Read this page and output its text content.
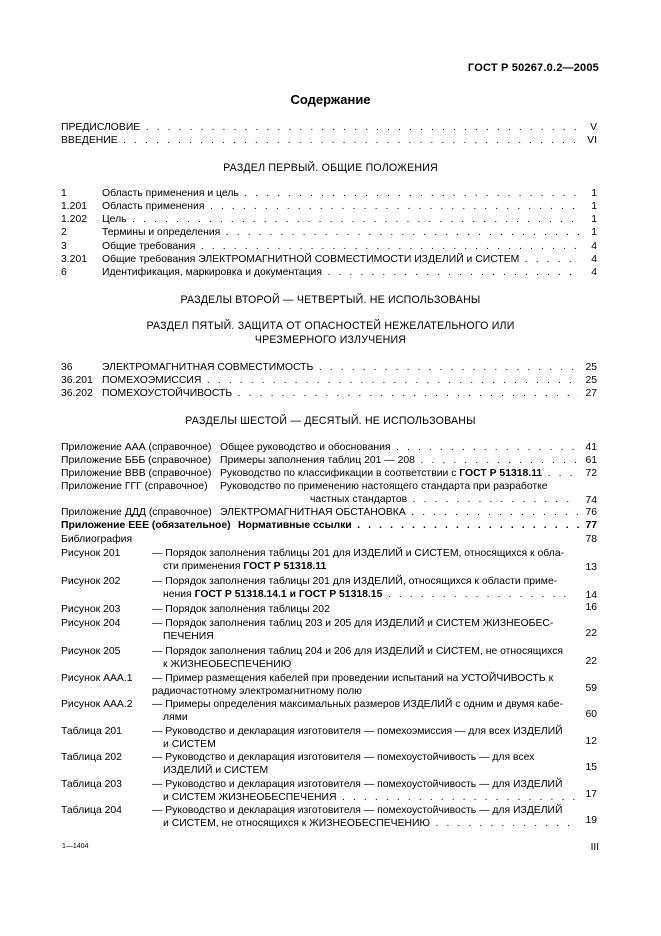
ГОСТ Р 50267.0.2—2005
Содержание
ПРЕДИСЛОВИЕ . . .	V
ВВЕДЕНИЕ . . .	VI
РАЗДЕЛ ПЕРВЫЙ. ОБЩИЕ ПОЛОЖЕНИЯ
1	Область применения и цель . . .	1
1.201 Область применения . . .	1
1.202 Цель . . .	1
2	Термины и определения . . .	1
3	Общие требования . . .	4
3.201 Общие требования ЭЛЕКТРОМАГНИТНОЙ СОВМЕСТИМОСТИ ИЗДЕЛИЙ и СИСТЕМ . . .	4
6	Идентификация, маркировка и документация . . .	4
РАЗДЕЛЫ ВТОРОЙ — ЧЕТВЕРТЫЙ. НЕ ИСПОЛЬЗОВАНЫ
РАЗДЕЛ ПЯТЫЙ. ЗАЩИТА ОТ ОПАСНОСТЕЙ НЕЖЕЛАТЕЛЬНОГО ИЛИ
ЧРЕЗМЕРНОГО ИЗЛУЧЕНИЯ
36	ЭЛЕКТРОМАГНИТНАЯ СОВМЕСТИМОСТЬ . . .	25
36.201 ПОМЕХОЭМИССИЯ . . .	25
36.202 ПОМЕХОУСТОЙЧИВОСТЬ . . .	27
РАЗДЕЛЫ ШЕСТОЙ — ДЕСЯТЫЙ. НЕ ИСПОЛЬЗОВАНЫ
Приложение ААА (справочное) Общее руководство и обоснования . . .	41
Приложение БББ (справочное) Примеры заполнения таблиц 201 — 208 . . .	61
Приложение ВВВ (справочное) Руководство по классификации в соответствии с ГОСТ Р 51318.11 . . .	72
Приложение ГГГ (справочное) Руководство по применению настоящего стандарта при разработке
частных стандартов . . .	74
Приложение ДДД (справочное) ЭЛЕКТРОМАГНИТНАЯ ОБСТАНОВКА . . .	76
Приложение ЕЕЕ (обязательное) Нормативные ссылки . . .	77
Библиография	78
Рисунок 201	— Порядок заполнения таблицы 201 для ИЗДЕЛИЙ и СИСТЕМ, относящихся к обла-
сти применения ГОСТ Р 51318.11	13
Рисунок 202	— Порядок заполнения таблицы 201 для ИЗДЕЛИЙ, относящихся к области приме-
нения ГОСТ Р 51318.14.1 и ГОСТ Р 51318.15 . . .	14
Рисунок 203	— Порядок заполнения таблицы 202	16
Рисунок 204	— Порядок заполнения таблиц 203 и 205 для ИЗДЕЛИЙ и СИСТЕМ ЖИЗНЕОБЕС-
ПЕЧЕНИЯ	22
Рисунок 205	— Порядок заполнения таблиц 204 и 206 для ИЗДЕЛИЙ и СИСТЕМ, не относящихся
к ЖИЗНЕОБЕСПЕЧЕНИЮ	22
Рисунок ААА.1 — Пример размещения кабелей при проведении испытаний на УСТОЙЧИВОСТЬ к
радиочастотному электромагнитному полю	59
Рисунок ААА.2 — Примеры определения максимальных размеров ИЗДЕЛИЙ с одним и двумя кабе-
лями	60
Таблица 201	— Руководство и декларация изготовителя — помехоэмиссия — для всех ИЗДЕЛИЙ
и СИСТЕМ	12
Таблица 202	— Руководство и декларация изготовителя — помехоустойчивость — для всех
ИЗДЕЛИЙ и СИСТЕМ	15
Таблица 203	— Руководство и декларация изготовителя — помехоустойчивость — для ИЗДЕЛИЙ
и СИСТЕМ ЖИЗНЕОБЕСПЕЧЕНИЯ . . .	17
Таблица 204	— Руководство и декларация изготовителя — помехоустойчивость — для ИЗДЕЛИЙ
и СИСТЕМ, не относящихся к ЖИЗНЕОБЕСПЕЧЕНИЮ . . .	19
1—1404	III
